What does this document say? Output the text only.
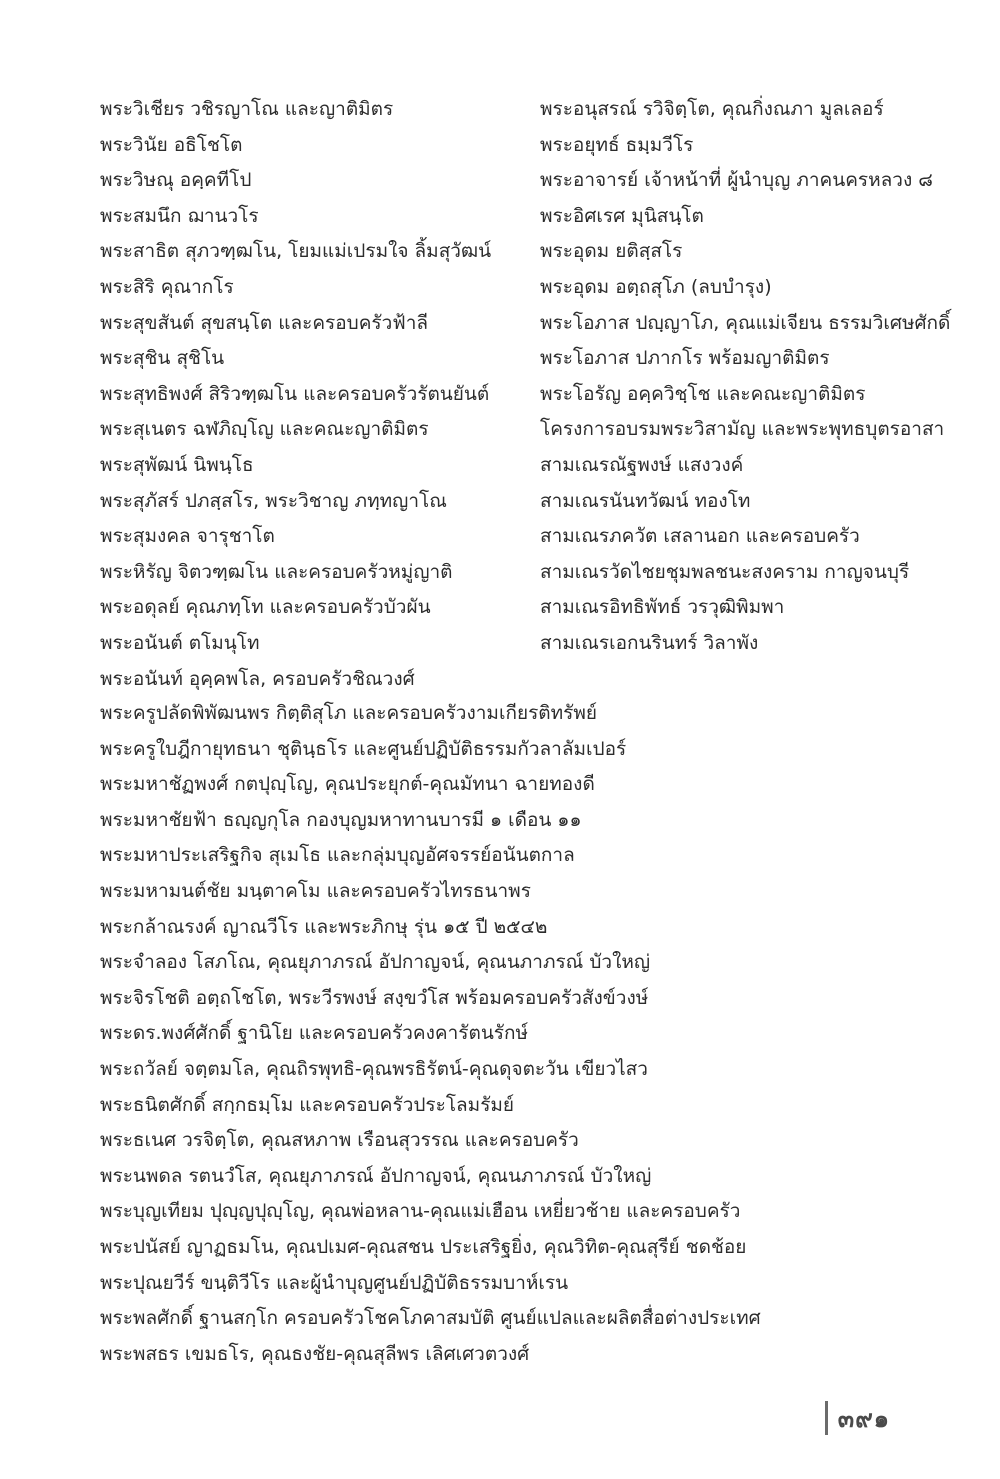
พระวิเชียร วชิรญาโณ และญาติมิตร
พระวินัย อธิโชโต
พระวิษณุ อคฺคทีโป
พระสมนึก ฌานวโร
พระสาธิต สุภวฑฺฒโน, โยมแม่เปรมใจ ลิ้มสุวัฒน์
พระสิริ คุณากโร
พระสุขสันต์ สุขสนฺโต และครอบครัวฟ้าลี
พระสุชิน สุชิโน
พระสุทธิพงศ์ สิริวฑฺฒโน และครอบครัวรัตนยันต์
พระสุเนตร ฉฬภิญฺโญ และคณะญาติมิตร
พระสุพัฒน์ นิพนฺโธ
พระสุภัสร์ ปภสฺสโร, พระวิชาญ ภทฺทญาโณ
พระสุมงคล จารุชาโต
พระหิรัญ จิตวฑฺฒโน และครอบครัวหมู่ญาติ
พระอดุลย์ คุณภทฺโท และครอบครัวบัวผัน
พระอนันต์ ตโมนุโท
พระอนันท์ อุคฺคพโล, ครอบครัวชิณวงศ์
พระอนุสรณ์ รวิจิตฺโต, คุณกิ่งณภา มูลเลอร์
พระอยุทธ์ ธมฺมวีโร
พระอาจารย์ เจ้าหน้าที่ ผู้นำบุญ ภาคนครหลวง ๘
พระอิศเรศ มุนิสนฺโต
พระอุดม ยติสฺสโร
พระอุดม อตฺถสุโภ (ลบบำรุง)
พระโอภาส ปญฺญาโภ, คุณแม่เจียน ธรรมวิเศษศักดิ์
พระโอภาส ปภากโร พร้อมญาติมิตร
พระโอรัญ อคฺควิชฺโช และคณะญาติมิตร
โครงการอบรมพระวิสามัญ และพระพุทธบุตรอาสา
สามเณรณัฐพงษ์ แสงวงค์
สามเณรนันทวัฒน์ ทองโท
สามเณรภควัต เสลานอก และครอบครัว
สามเณรวัดไชยชุมพลชนะสงคราม กาญจนบุรี
สามเณรอิทธิพัทธ์ วรวุฒิพิมพา
สามเณรเอกนรินทร์ วิลาพัง
พระครูปลัดพิพัฒนพร กิตฺติสุโภ และครอบครัวงามเกียรติทรัพย์
พระครูใบฎีกายุทธนา ชุตินฺธโร และศูนย์ปฏิบัติธรรมกัวลาลัมเปอร์
พระมหาชัฏพงศ์ กตปุญฺโญ, คุณประยุกต์-คุณมัทนา ฉายทองดี
พระมหาชัยฟ้า ธญฺญกุโล กองบุญมหาทานบารมี ๑ เดือน ๑๑
พระมหาประเสริฐกิจ สุเมโธ และกลุ่มบุญอัศจรรย์อนันตกาล
พระมหามนต์ชัย มนฺตาคโม และครอบครัวไทรธนาพร
พระกล้าณรงค์ ญาณวีโร และพระภิกษุ รุ่น ๑๕ ปี ๒๕๔๒
พระจำลอง โสภโณ, คุณยุภาภรณ์ อัปกาญจน์, คุณนภาภรณ์ บัวใหญ่
พระจิรโชติ อตฺถโชโต, พระวีรพงษ์ สงฺขวํโส พร้อมครอบครัวสังข์วงษ์
พระดร.พงศ์ศักดิ์ ฐานิโย และครอบครัวคงคารัตนรักษ์
พระถวัลย์ จตฺตมโล, คุณถิรพุทธิ-คุณพรธิรัตน์-คุณดุจตะวัน เขียวไสว
พระธนิตศักดิ์ สกฺกธมฺโม และครอบครัวประโลมรัมย์
พระธเนศ วรจิตฺโต, คุณสหภาพ เรือนสุวรรณ และครอบครัว
พระนพดล รตนวํโส, คุณยุภาภรณ์ อัปกาญจน์, คุณนภาภรณ์ บัวใหญ่
พระบุญเทียม ปุญฺญปุญฺโญ, คุณพ่อหลาน-คุณแม่เฮือน เหยี่ยวช้าย และครอบครัว
พระปนัสย์ ญาฏธมโน, คุณปเมศ-คุณสชน ประเสริฐยิ่ง, คุณวิทิต-คุณสุรีย์ ชดช้อย
พระปุณยวีร์ ขนฺติวีโร และผู้นำบุญศูนย์ปฏิบัติธรรมบาห์เรน
พระพลศักดิ์ ฐานสกฺโก ครอบครัวโชคโภคาสมบัติ ศูนย์แปลและผลิตสื่อต่างประเทศ
พระพสธร เขมธโร, คุณธงชัย-คุณสุลีพร เลิศเศวตวงศ์
๓๙๑
